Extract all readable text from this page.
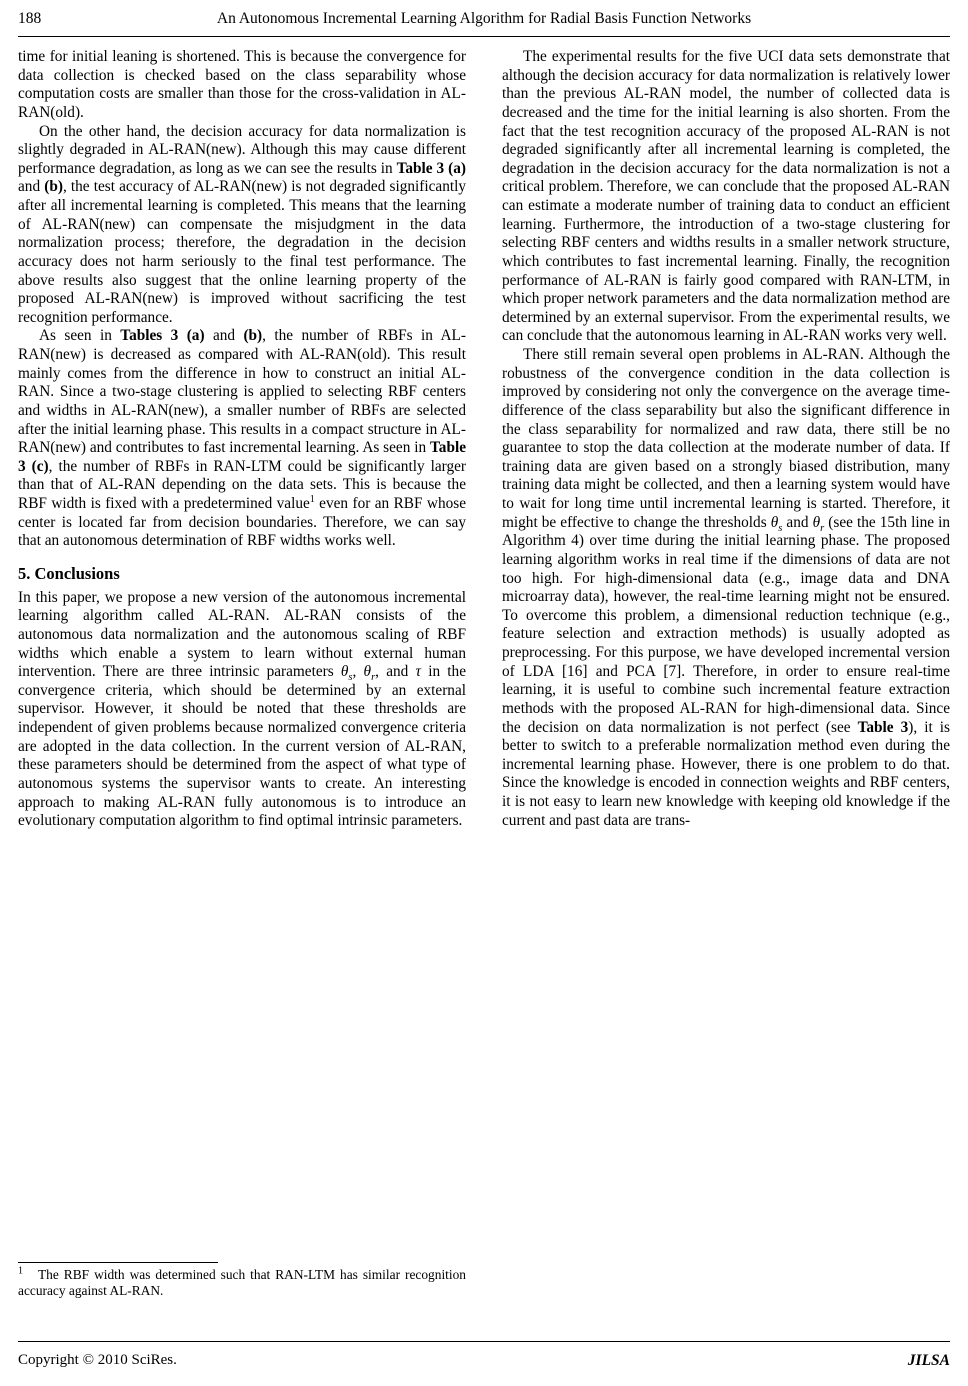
188	An Autonomous Incremental Learning Algorithm for Radial Basis Function Networks

time for initial leaning is shortened. This is because the convergence for data collection is checked based on the class separability whose computation costs are smaller than those for the cross-validation in AL-RAN(old).

On the other hand, the decision accuracy for data normalization is slightly degraded in AL-RAN(new). Although this may cause different performance degradation, as long as we can see the results in Table 3 (a) and (b), the test accuracy of AL-RAN(new) is not degraded significantly after all incremental learning is completed. This means that the learning of AL-RAN(new) can compensate the misjudgment in the data normalization process; therefore, the degradation in the decision accuracy does not harm seriously to the final test performance. The above results also suggest that the online learning property of the proposed AL-RAN(new) is improved without sacrificing the test recognition performance.

As seen in Tables 3 (a) and (b), the number of RBFs in AL-RAN(new) is decreased as compared with AL-RAN(old). This result mainly comes from the difference in how to construct an initial AL-RAN. Since a two-stage clustering is applied to selecting RBF centers and widths in AL-RAN(new), a smaller number of RBFs are selected after the initial learning phase. This results in a compact structure in AL-RAN(new) and contributes to fast incremental learning. As seen in Table 3 (c), the number of RBFs in RAN-LTM could be significantly larger than that of AL-RAN depending on the data sets. This is because the RBF width is fixed with a predetermined value$^1$ even for an RBF whose center is located far from decision boundaries. Therefore, we can say that an autonomous determination of RBF widths works well.

5. Conclusions

In this paper, we propose a new version of the autonomous incremental learning algorithm called AL-RAN. AL-RAN consists of the autonomous data normalization and the autonomous scaling of RBF widths which enable a system to learn without external human intervention. There are three intrinsic parameters $\theta_s$, $\theta_r$, and τ in the convergence criteria, which should be determined by an external supervisor. However, it should be noted that these thresholds are independent of given problems because normalized convergence criteria are adopted in the data collection. In the current version of AL-RAN, these parameters should be determined from the aspect of what type of autonomous systems the supervisor wants to create. An interesting approach to making AL-RAN fully autonomous is to introduce an evolutionary computation algorithm to find optimal intrinsic parameters.

The experimental results for the five UCI data sets demonstrate that although the decision accuracy for data normalization is relatively lower than the previous AL-RAN model, the number of collected data is decreased and the time for the initial learning is also shorten. From the fact that the test recognition accuracy of the proposed AL-RAN is not degraded significantly after all incremental learning is completed, the degradation in the decision accuracy for the data normalization is not a critical problem. Therefore, we can conclude that the proposed AL-RAN can estimate a moderate number of training data to conduct an efficient learning. Furthermore, the introduction of a two-stage clustering for selecting RBF centers and widths results in a smaller network structure, which contributes to fast incremental learning. Finally, the recognition performance of AL-RAN is fairly good compared with RAN-LTM, in which proper network parameters and the data normalization method are determined by an external supervisor. From the experimental results, we can conclude that the autonomous learning in AL-RAN works very well.

There still remain several open problems in AL-RAN. Although the robustness of the convergence condition in the data collection is improved by considering not only the convergence on the average time-difference of the class separability but also the significant difference in the class separability for normalized and raw data, there still be no guarantee to stop the data collection at the moderate number of data. If training data are given based on a strongly biased distribution, many training data might be collected, and then a learning system would have to wait for long time until incremental learning is started. Therefore, it might be effective to change the thresholds $\theta_s$ and $\theta_r$ (see the 15th line in Algorithm 4) over time during the initial learning phase. The proposed learning algorithm works in real time if the dimensions of data are not too high. For high-dimensional data (e.g., image data and DNA microarray data), however, the real-time learning might not be ensured. To overcome this problem, a dimensional reduction technique (e.g., feature selection and extraction methods) is usually adopted as preprocessing. For this purpose, we have developed incremental version of LDA [16] and PCA [7]. Therefore, in order to ensure real-time learning, it is useful to combine such incremental feature extraction methods with the proposed AL-RAN for high-dimensional data. Since the decision on data normalization is not perfect (see Table 3), it is better to switch to a preferable normalization method even during the incremental learning phase. However, there is one problem to do that. Since the knowledge is encoded in connection weights and RBF centers, it is not easy to learn new knowledge with keeping old knowledge if the current and past data are trans-

$^1$ The RBF width was determined such that RAN-LTM has similar recognition accuracy against AL-RAN.
Copyright © 2010 SciRes.	JILSA
